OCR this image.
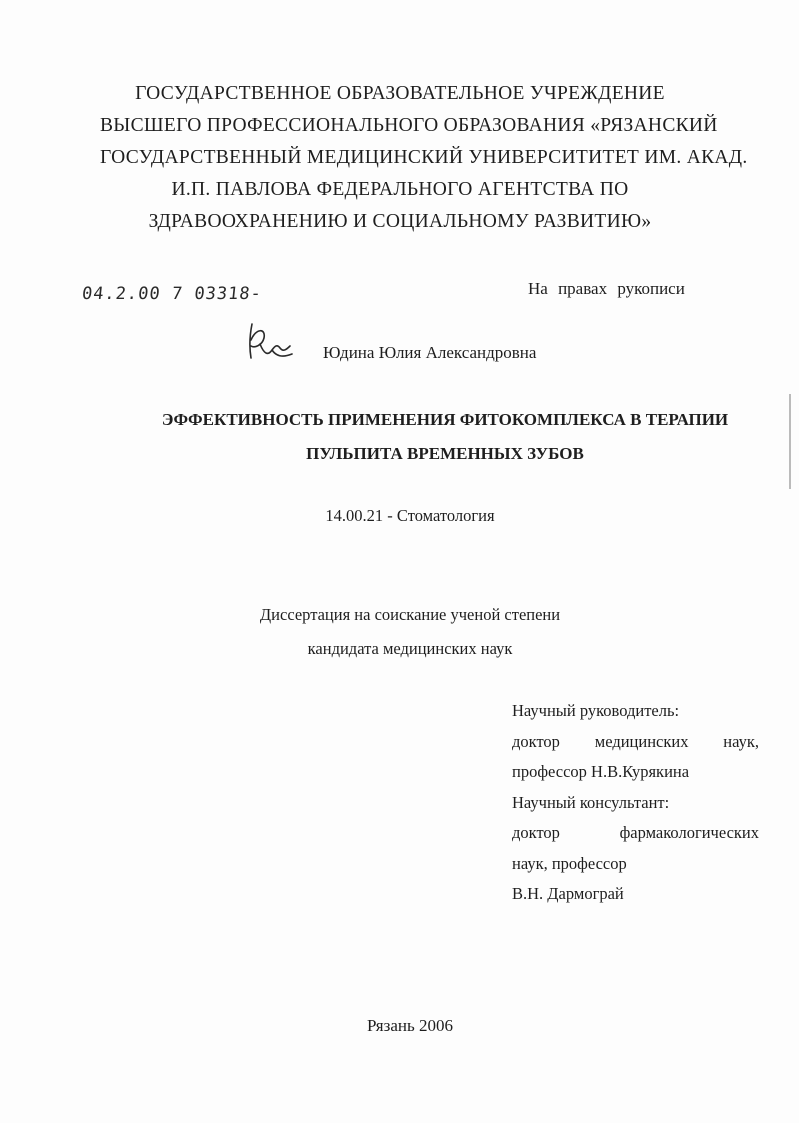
ГОСУДАРСТВЕННОЕ ОБРАЗОВАТЕЛЬНОЕ УЧРЕЖДЕНИЕ
ВЫСШЕГО ПРОФЕССИОНАЛЬНОГО ОБРАЗОВАНИЯ «РЯЗАНСКИЙ
ГОСУДАРСТВЕННЫЙ МЕДИЦИНСКИЙ УНИВЕРСИТИТЕТ ИМ. АКАД.
И.П. ПАВЛОВА ФЕДЕРАЛЬНОГО АГЕНТСТВА ПО
ЗДРАВООХРАНЕНИЮ И СОЦИАЛЬНОМУ РАЗВИТИЮ»
04.2.00 7 03318-	На правах рукописи
Юдина Юлия Александровна
ЭФФЕКТИВНОСТЬ ПРИМЕНЕНИЯ ФИТОКОМПЛЕКСА В ТЕРАПИИ
ПУЛЬПИТА ВРЕМЕННЫХ ЗУБОВ
14.00.21 - Стоматология
Диссертация на соискание ученой степени
кандидата медицинских наук
Научный руководитель:
доктор медицинских наук,
профессор Н.В.Курякина
Научный консультант:
доктор фармакологических
наук, профессор
В.Н. Дармограй
Рязань 2006
